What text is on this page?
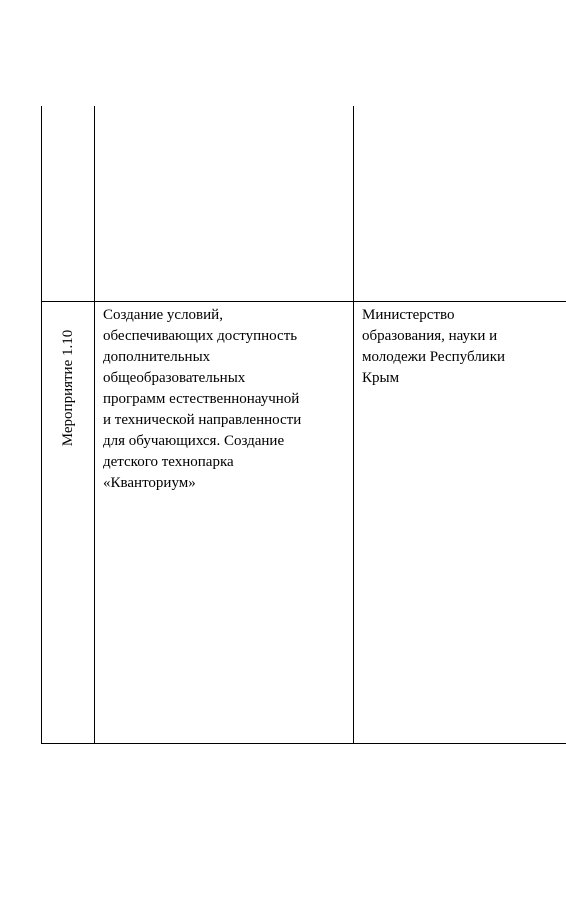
Мероприятие 1.10
Создание условий,
обеспечивающих доступность
дополнительных
общеобразовательных
программ естественнонаучной
и технической направленности
для обучающихся. Создание
детского технопарка
«Кванториум»
Министерство
образования, науки и
молодежи Республики
Крым
